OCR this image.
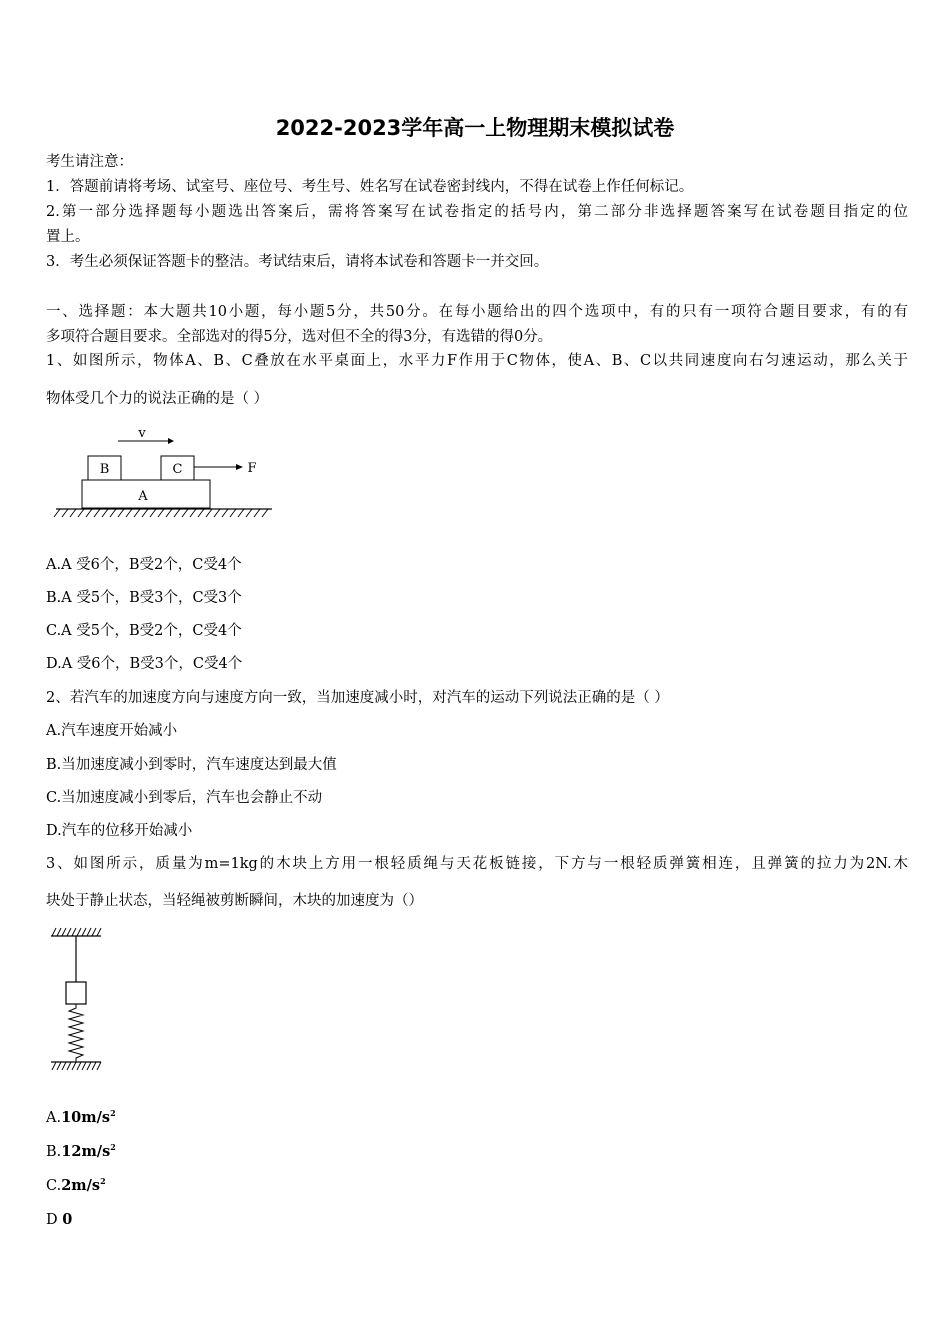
2022-2023学年高一上物理期末模拟试卷
考生请注意：
1．答题前请将考场、试室号、座位号、考生号、姓名写在试卷密封线内，不得在试卷上作任何标记。
2.第一部分选择题每小题选出答案后，需将答案写在试卷指定的括号内，第二部分非选择题答案写在试卷题目指定的位
置上。
3．考生必须保证答题卡的整洁。考试结束后，请将本试卷和答题卡一并交回。
一、选择题：本大题共10小题，每小题5分，共50分。在每小题给出的四个选项中，有的只有一项符合题目要求，有的有
多项符合题目要求。全部选对的得5分，选对但不全的得3分，有选错的得0分。
1、如图所示，物体A、B、C叠放在水平桌面上，水平力F作用于C物体，使A、B、C以共同速度向右匀速运动，那么关于
物体受几个力的说法正确的是（ ）
v
B	C	F
A
A.A 受6个，B受2个，C受4个
B.A 受5个，B受3个，C受3个
C.A 受5个，B受2个，C受4个
D.A 受6个，B受3个，C受4个
2、若汽车的加速度方向与速度方向一致，当加速度减小时，对汽车的运动下列说法正确的是（ ）
A.汽车速度开始减小
B.当加速度减小到零时，汽车速度达到最大值
C.当加速度减小到零后，汽车也会静止不动
D.汽车的位移开始减小
3、如图所示，质量为m=1kg的木块上方用一根轻质绳与天花板链接，下方与一根轻质弹簧相连，且弹簧的拉力为2N.木
块处于静止状态，当轻绳被剪断瞬间，木块的加速度为（）
$A.10m/s^2$
$B.12m/s^2$
$C.2m/s^2$
D 0
